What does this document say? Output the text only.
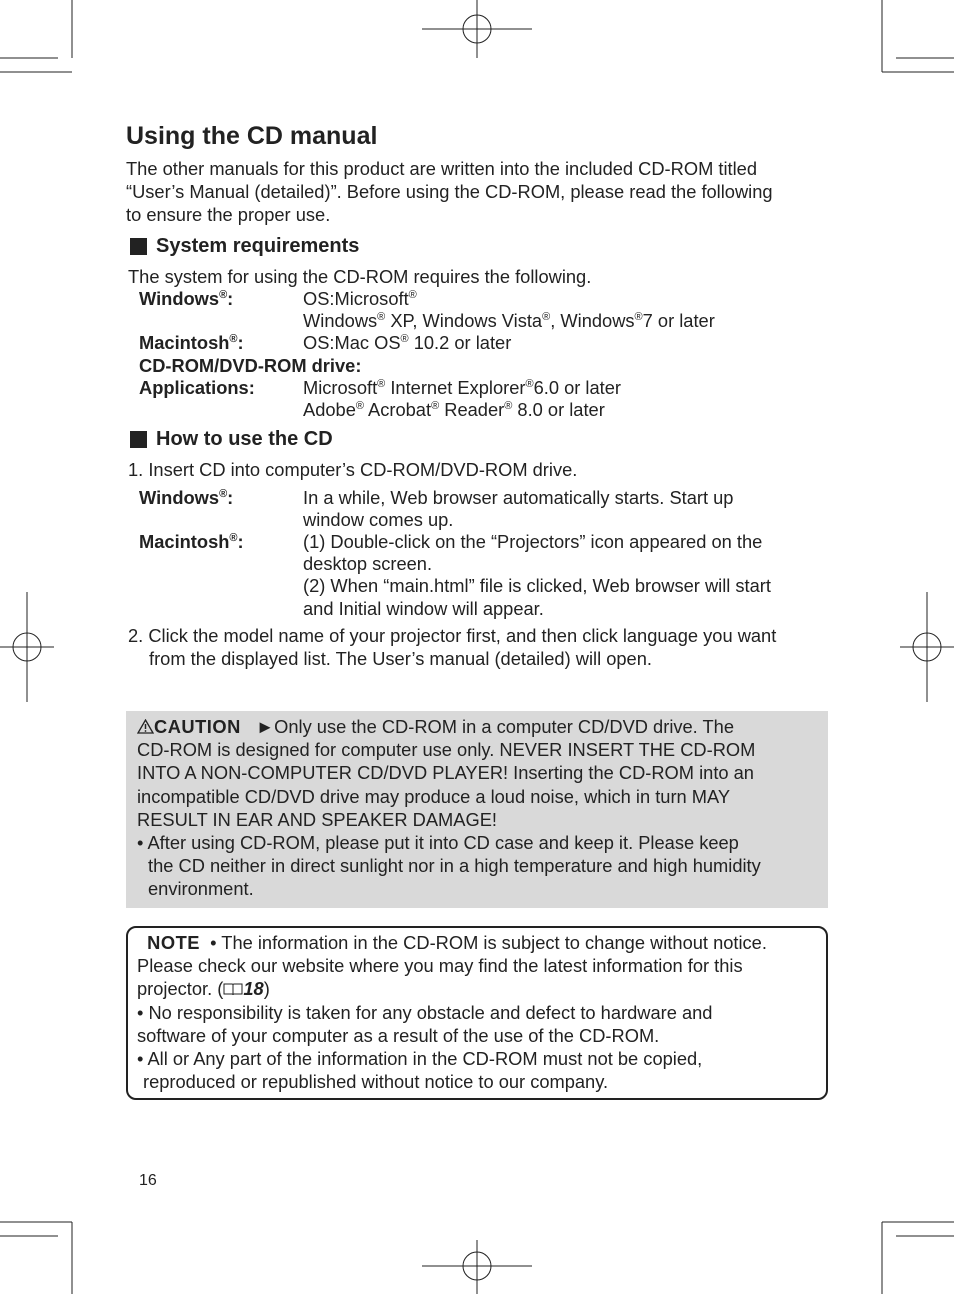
Using the CD manual
The other manuals for this product are written into the included CD-ROM titled
“User’s Manual (detailed)”. Before using the CD-ROM, please read the following
to ensure the proper use.
System requirements
The system for using the CD-ROM requires the following.
Windows®:	OS:Microsoft®
Windows® XP, Windows Vista®, Windows®7 or later
Macintosh®:	OS:Mac OS® 10.2 or later
CD-ROM/DVD-ROM drive:
Applications:	Microsoft® Internet Explorer®6.0 or later
Adobe® Acrobat® Reader® 8.0 or later
How to use the CD
1. Insert CD into computer’s CD-ROM/DVD-ROM drive.
Windows®:	In a while, Web browser automatically starts. Start up
window comes up.
Macintosh®:	(1) Double-click on the “Projectors” icon appeared on the
desktop screen.
(2) When “main.html” file is clicked, Web browser will start
and Initial window will appear.
2. Click the model name of your projector first, and then click language you want
from the displayed list. The User’s manual (detailed) will open.
CAUTION ►Only use the CD-ROM in a computer CD/DVD drive. The
CD-ROM is designed for computer use only. NEVER INSERT THE CD-ROM
INTO A NON-COMPUTER CD/DVD PLAYER! Inserting the CD-ROM into an
incompatible CD/DVD drive may produce a loud noise, which in turn MAY
RESULT IN EAR AND SPEAKER DAMAGE!
• After using CD-ROM, please put it into CD case and keep it. Please keep
the CD neither in direct sunlight nor in a high temperature and high humidity
environment.
NOTE • The information in the CD-ROM is subject to change without notice.
Please check our website where you may find the latest information for this
projector. ( 18)
• No responsibility is taken for any obstacle and defect to hardware and
software of your computer as a result of the use of the CD-ROM.
• All or Any part of the information in the CD-ROM must not be copied,
reproduced or republished without notice to our company.
16
